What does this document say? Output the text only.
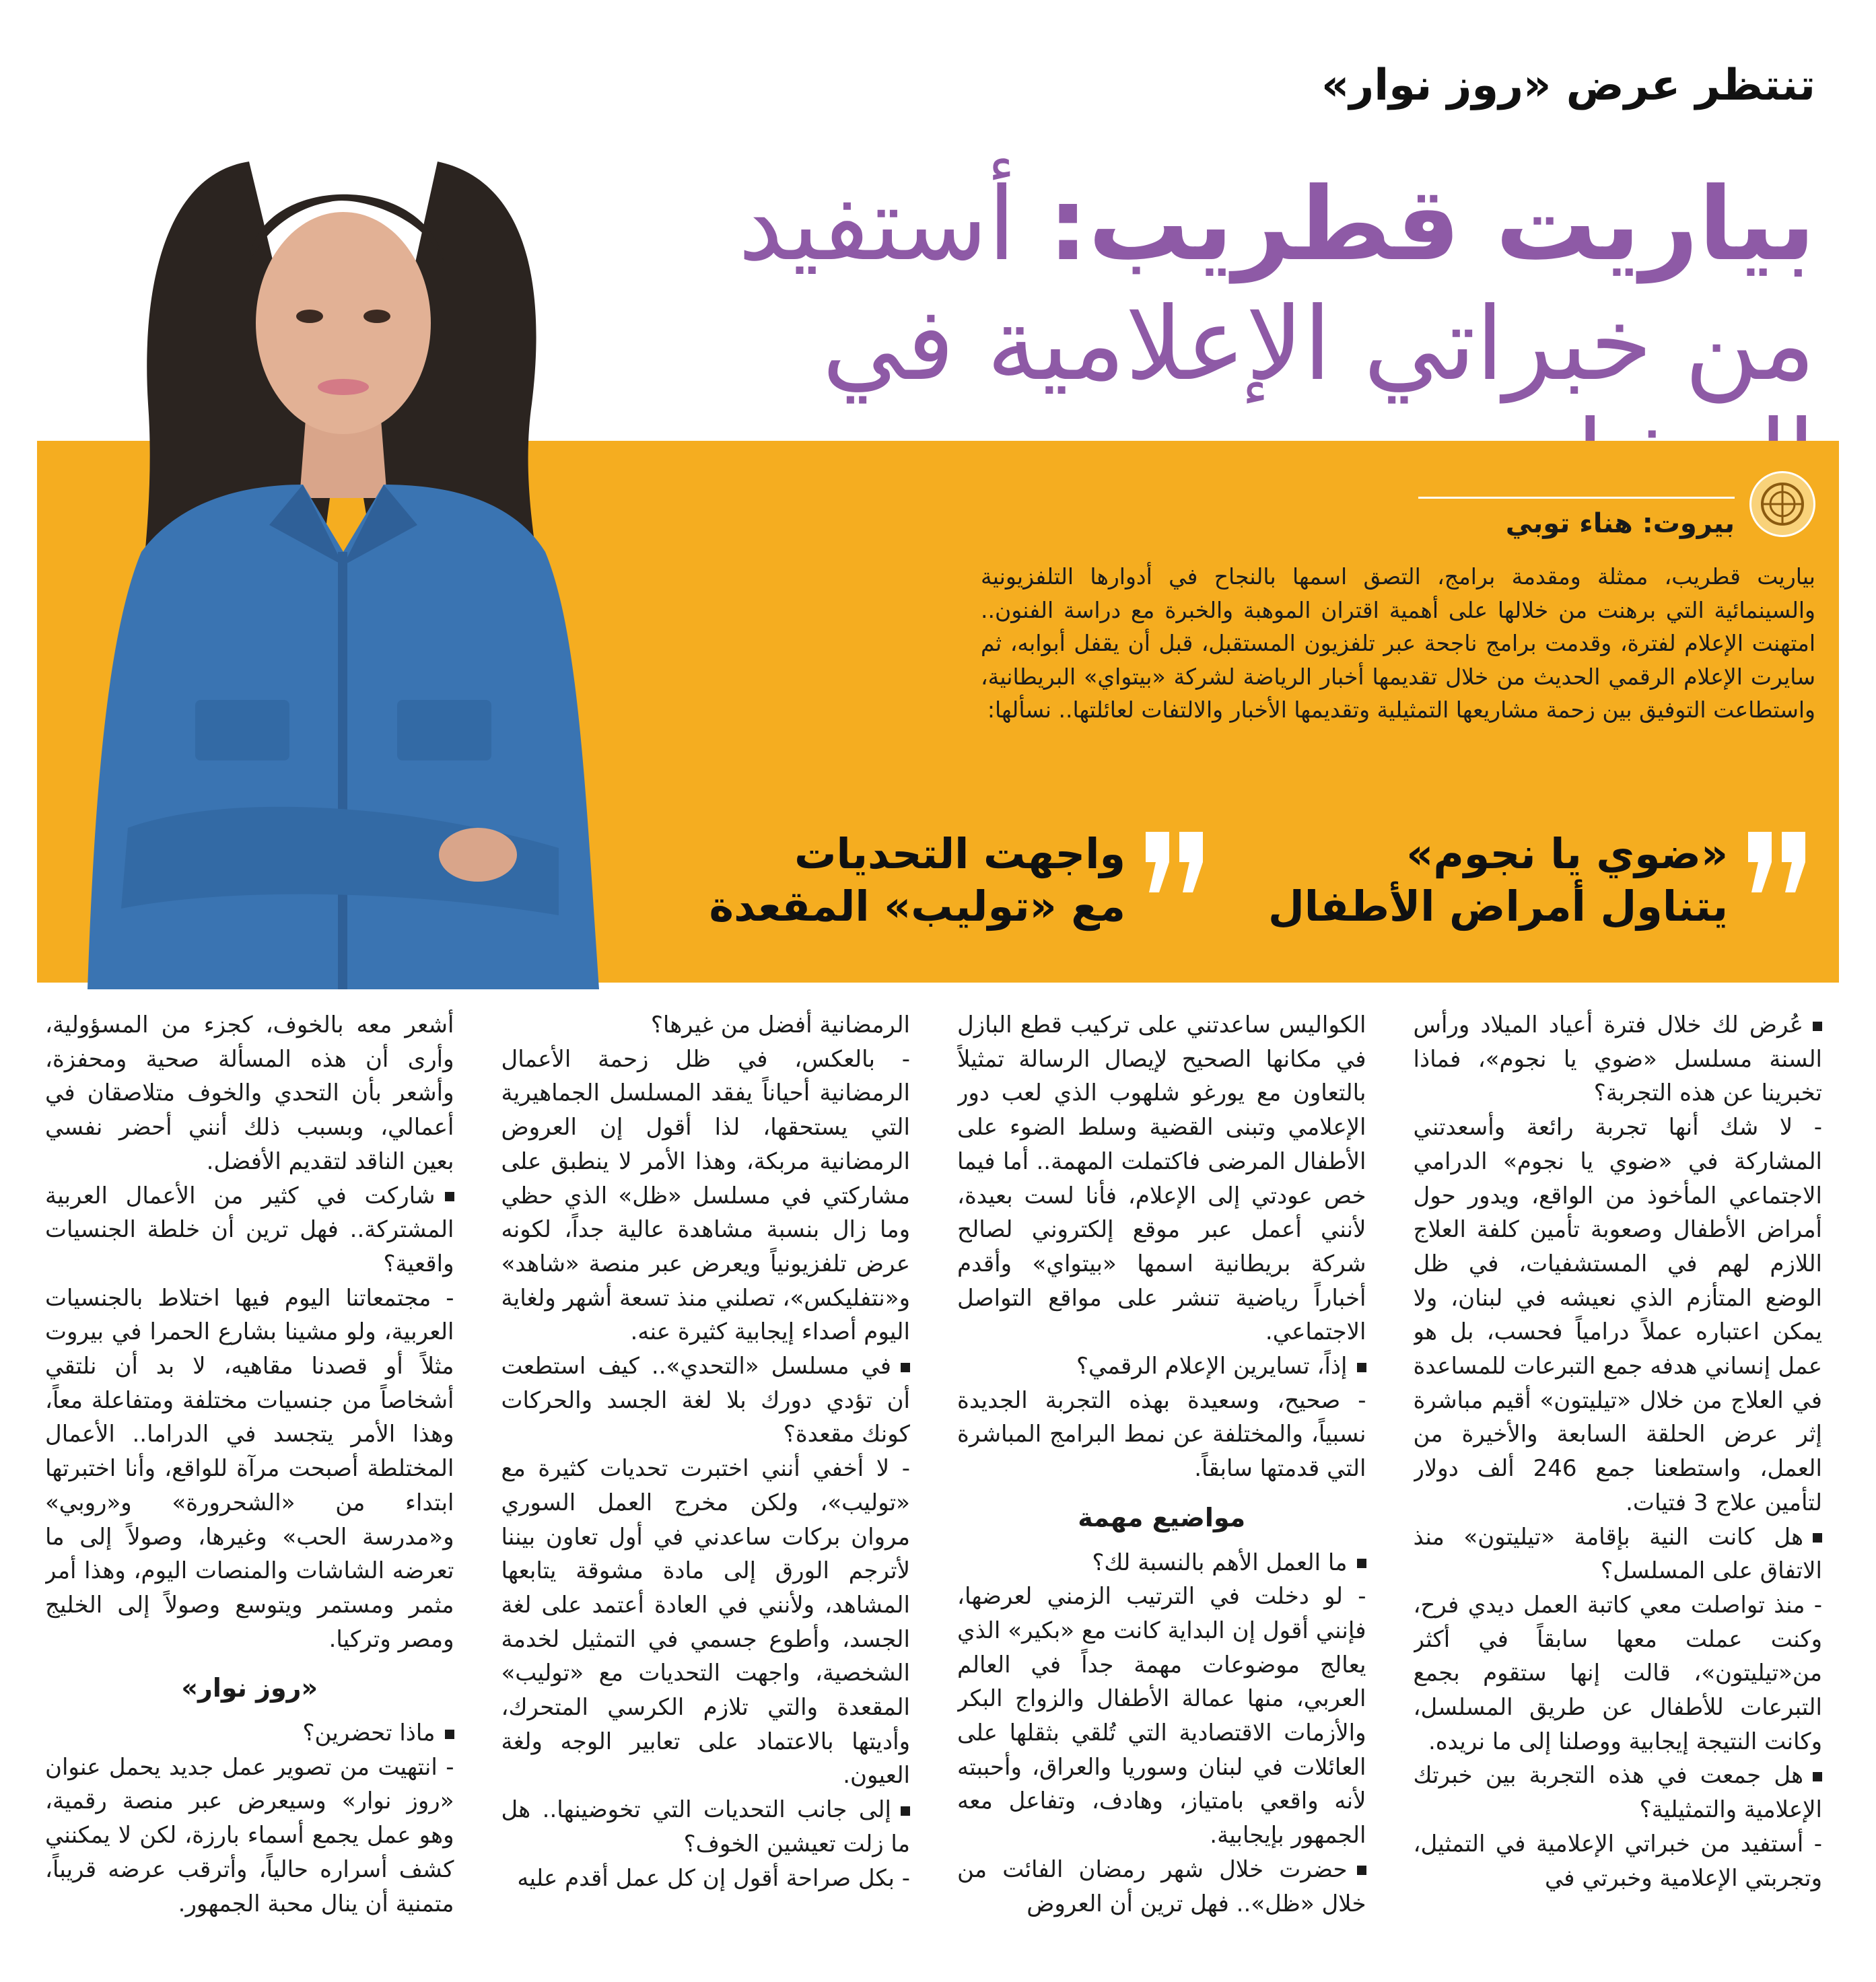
تنتظر عرض «روز نوار»
بياريت قطريب: أستفيد
من خبراتي الإعلامية في
بيروت: هناء توبي

بياريت قطريب، ممثلة ومقدمة برامج، التصق اسمها بالنجاح في أدوارها التلفزيونية والسينمائية التي برهنت من خلالها على أهمية اقتران الموهبة والخبرة مع دراسة الفنون.. امتهنت الإعلام لفترة، وقدمت برامج ناجحة عبر تلفزيون المستقبل، قبل أن يقفل أبوابه، ثم سايرت الإعلام الرقمي الحديث من خلال تقديمها أخبار الرياضة لشركة «بيتواي» البريطانية، واستطاعت التوفيق بين زحمة مشاريعها التمثيلية وتقديمها الأخبار والالتفات لعائلتها.. نسألها:

«ضوي يا نجوم»
يتناول أمراض الأطفال
واجهت التحديات
مع «توليب» المقعدة

عُرض لك خلال فترة أعياد الميلاد ورأس السنة مسلسل «ضوي يا نجوم»، فماذا تخبرينا عن هذه التجربة؟

- لا شك أنها تجربة رائعة وأسعدتني المشاركة في «ضوي يا نجوم» الدرامي الاجتماعي المأخوذ من الواقع، ويدور حول أمراض الأطفال وصعوبة تأمين كلفة العلاج اللازم لهم في المستشفيات، في ظل الوضع المتأزم الذي نعيشه في لبنان، ولا يمكن اعتباره عملاً درامياً فحسب، بل هو عمل إنساني هدفه جمع التبرعات للمساعدة في العلاج من خلال «تيليتون» أقيم مباشرة إثر عرض الحلقة السابعة والأخيرة من العمل، واستطعنا جمع 246 ألف دولار لتأمين علاج 3 فتيات.

هل كانت النية بإقامة «تيليتون» منذ الاتفاق على المسلسل؟

- منذ تواصلت معي كاتبة العمل ديدي فرح، وكنت عملت معها سابقاً في أكثر من«تيليتون»، قالت إنها ستقوم بجمع التبرعات للأطفال عن طريق المسلسل، وكانت النتيجة إيجابية ووصلنا إلى ما نريده.

هل جمعت في هذه التجربة بين خبرتك الإعلامية والتمثيلية؟

- أستفيد من خبراتي الإعلامية في التمثيل، وتجربتي الإعلامية وخبرتي في

الكواليس ساعدتني على تركيب قطع البازل في مكانها الصحيح لإيصال الرسالة تمثيلاً بالتعاون مع يورغو شلهوب الذي لعب دور الإعلامي وتبنى القضية وسلط الضوء على الأطفال المرضى فاكتملت المهمة.. أما فيما خص عودتي إلى الإعلام، فأنا لست بعيدة، لأنني أعمل عبر موقع إلكتروني لصالح شركة بريطانية اسمها «بيتواي» وأقدم أخباراً رياضية تنشر على مواقع التواصل الاجتماعي.

إذاً، تسايرين الإعلام الرقمي؟

- صحيح، وسعيدة بهذه التجربة الجديدة نسبياً، والمختلفة عن نمط البرامج المباشرة التي قدمتها سابقاً.

مواضيع مهمة

ما العمل الأهم بالنسبة لك؟

- لو دخلت في الترتيب الزمني لعرضها، فإنني أقول إن البداية كانت مع «بكير» الذي يعالج موضوعات مهمة جداً في العالم العربي، منها عمالة الأطفال والزواج البكر والأزمات الاقتصادية التي تُلقي بثقلها على العائلات في لبنان وسوريا والعراق، وأحببته لأنه واقعي بامتياز، وهادف، وتفاعل معه الجمهور بإيجابية.

حضرت خلال شهر رمضان الفائت من خلال «ظل».. فهل ترين أن العروض

الرمضانية أفضل من غيرها؟

- بالعكس، في ظل زحمة الأعمال الرمضانية أحياناً يفقد المسلسل الجماهيرية التي يستحقها، لذا أقول إن العروض الرمضانية مربكة، وهذا الأمر لا ينطبق على مشاركتي في مسلسل «ظل» الذي حظي وما زال بنسبة مشاهدة عالية جداً، لكونه عرض تلفزيونياً ويعرض عبر منصة «شاهد» و«نتفليكس»، تصلني منذ تسعة أشهر ولغاية اليوم أصداء إيجابية كثيرة عنه.

في مسلسل «التحدي».. كيف استطعت أن تؤدي دورك بلا لغة الجسد والحركات كونك مقعدة؟

- لا أخفي أنني اختبرت تحديات كثيرة مع «توليب»، ولكن مخرج العمل السوري مروان بركات ساعدني في أول تعاون بيننا لأترجم الورق إلى مادة مشوقة يتابعها المشاهد، ولأنني في العادة أعتمد على لغة الجسد، وأطوع جسمي في التمثيل لخدمة الشخصية، واجهت التحديات مع «توليب» المقعدة والتي تلازم الكرسي المتحرك، وأديتها بالاعتماد على تعابير الوجه ولغة العيون.

إلى جانب التحديات التي تخوضينها.. هل ما زلت تعيشين الخوف؟

- بكل صراحة أقول إن كل عمل أقدم عليه

أشعر معه بالخوف، كجزء من المسؤولية، وأرى أن هذه المسألة صحية ومحفزة، وأشعر بأن التحدي والخوف متلاصقان في أعمالي، وبسبب ذلك أنني أحضر نفسي بعين الناقد لتقديم الأفضل.

شاركت في كثير من الأعمال العربية المشتركة.. فهل ترين أن خلطة الجنسيات واقعية؟

- مجتمعاتنا اليوم فيها اختلاط بالجنسيات العربية، ولو مشينا بشارع الحمرا في بيروت مثلاً أو قصدنا مقاهيه، لا بد أن نلتقي أشخاصاً من جنسيات مختلفة ومتفاعلة معاً، وهذا الأمر يتجسد في الدراما.. الأعمال المختلطة أصبحت مرآة للواقع، وأنا اختبرتها ابتداء من «الشحرورة» و«روبي» و«مدرسة الحب» وغيرها، وصولاً إلى ما تعرضه الشاشات والمنصات اليوم، وهذا أمر مثمر ومستمر ويتوسع وصولاً إلى الخليج ومصر وتركيا.

«روز نوار»

ماذا تحضرين؟

- انتهيت من تصوير عمل جديد يحمل عنوان «روز نوار» وسيعرض عبر منصة رقمية، وهو عمل يجمع أسماء بارزة، لكن لا يمكنني كشف أسراره حالياً، وأترقب عرضه قريباً، متمنية أن ينال محبة الجمهور.
